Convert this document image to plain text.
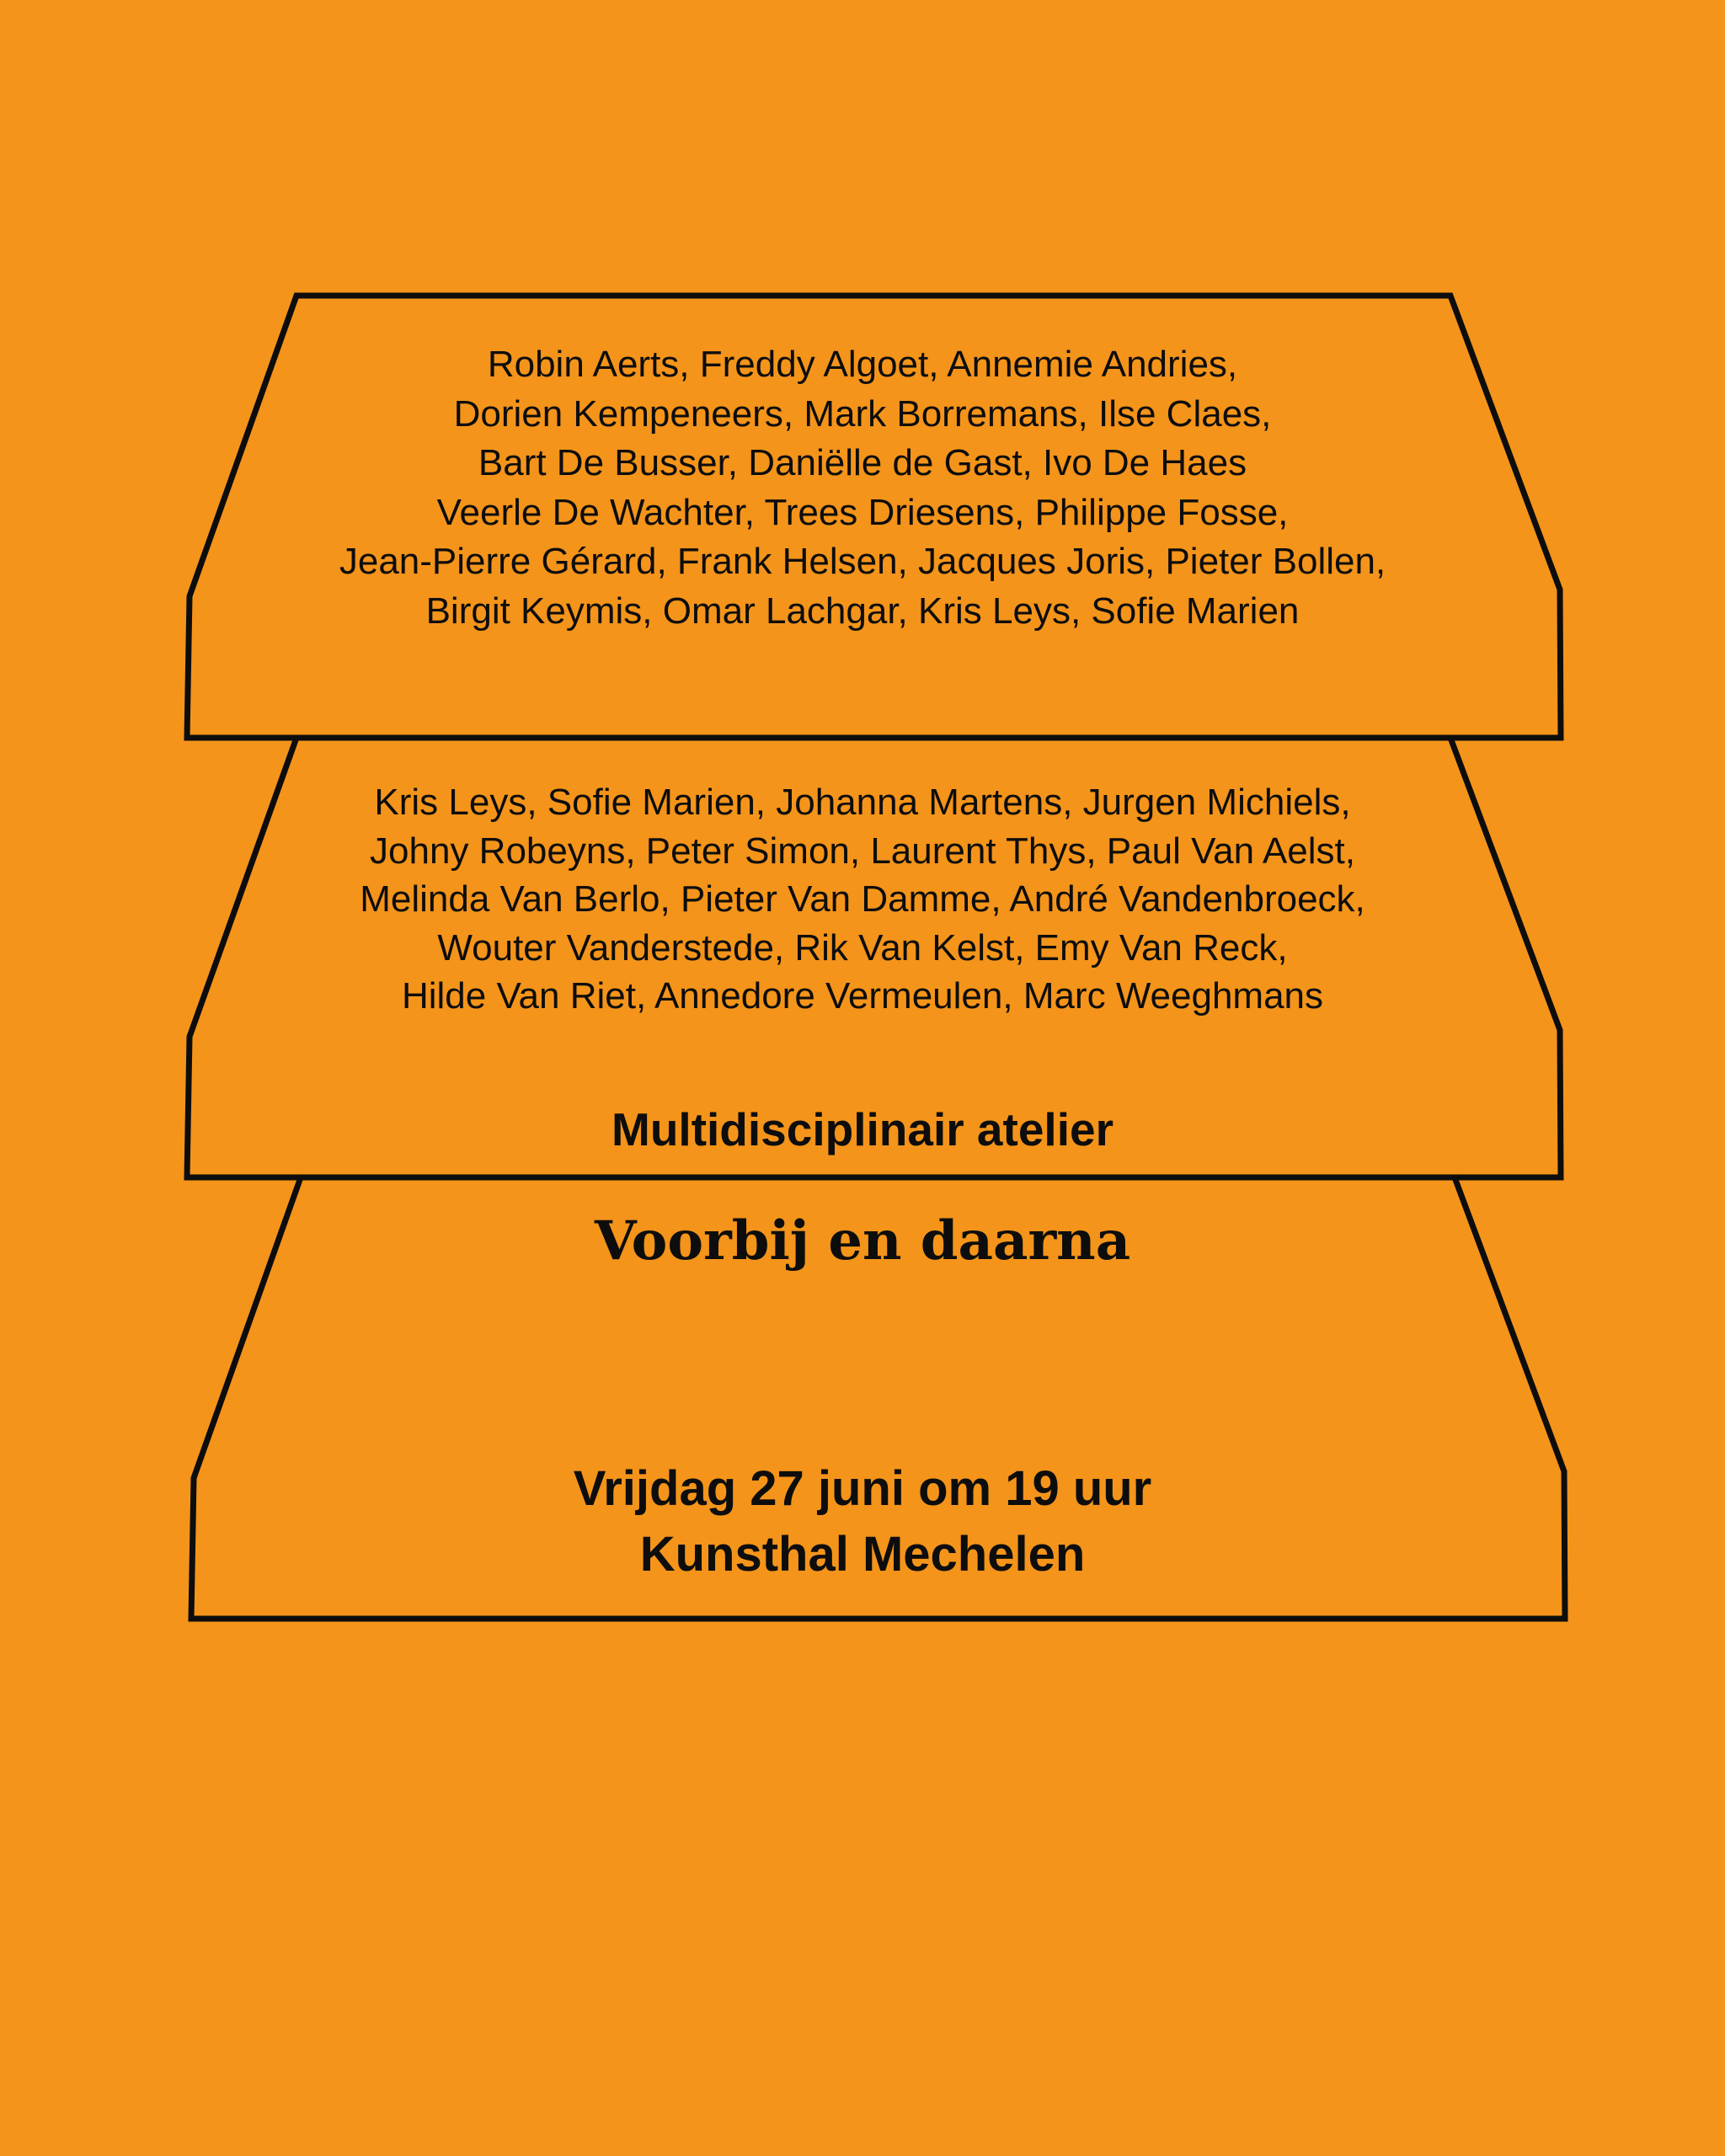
Robin Aerts, Freddy Algoet, Annemie Andries,
Dorien Kempeneers, Mark Borremans, Ilse Claes,
Bart De Busser, Daniëlle de Gast, Ivo De Haes
Veerle De Wachter, Trees Driesens, Philippe Fosse,
Jean-Pierre Gérard, Frank Helsen, Jacques Joris, Pieter Bollen,
Birgit Keymis, Omar Lachgar, Kris Leys, Sofie Marien
Kris Leys, Sofie Marien, Johanna Martens, Jurgen Michiels,
Johny Robeyns, Peter Simon, Laurent Thys, Paul Van Aelst,
Melinda Van Berlo, Pieter Van Damme, André Vandenbroeck,
Wouter Vanderstede, Rik Van Kelst, Emy Van Reck,
Hilde Van Riet, Annedore Vermeulen, Marc Weeghmans
Multidisciplinair atelier
Voorbij en daarna
Vrijdag 27 juni om 19 uur
Kunsthal Mechelen
